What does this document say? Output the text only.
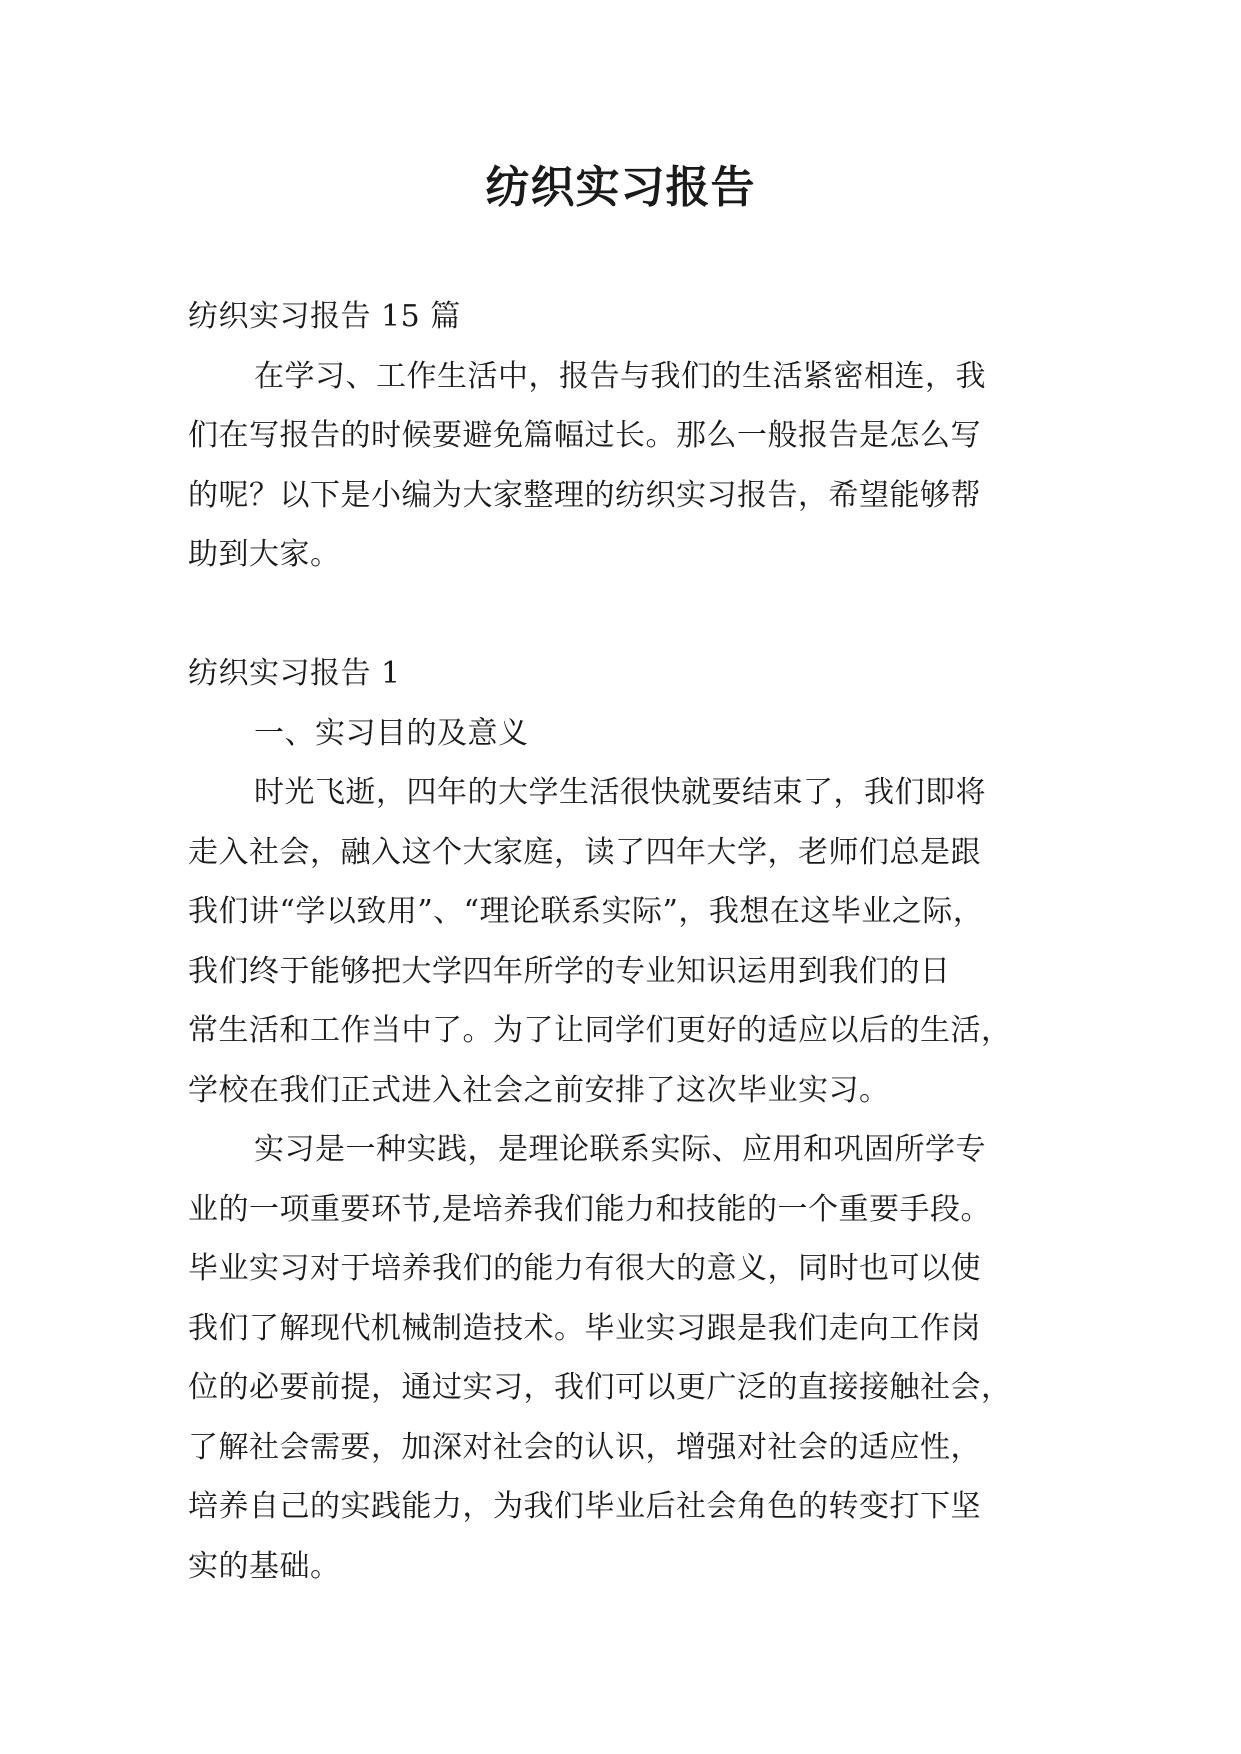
纺织实习报告

纺织实习报告 15 篇

在学习、工作生活中，报告与我们的生活紧密相连，我

们在写报告的时候要避免篇幅过长。那么一般报告是怎么写

的呢？以下是小编为大家整理的纺织实习报告，希望能够帮

助到大家。

纺织实习报告 1

一、实习目的及意义

时光飞逝，四年的大学生活很快就要结束了，我们即将

走入社会，融入这个大家庭，读了四年大学，老师们总是跟

我们讲“学以致用”、“理论联系实际”，我想在这毕业之际，

我们终于能够把大学四年所学的专业知识运用到我们的日

常生活和工作当中了。为了让同学们更好的适应以后的生活，

学校在我们正式进入社会之前安排了这次毕业实习。

实习是一种实践，是理论联系实际、应用和巩固所学专

业的一项重要环节,是培养我们能力和技能的一个重要手段。

毕业实习对于培养我们的能力有很大的意义，同时也可以使

我们了解现代机械制造技术。毕业实习跟是我们走向工作岗

位的必要前提，通过实习，我们可以更广泛的直接接触社会，

了解社会需要，加深对社会的认识，增强对社会的适应性，

培养自己的实践能力，为我们毕业后社会角色的转变打下坚

实的基础。
